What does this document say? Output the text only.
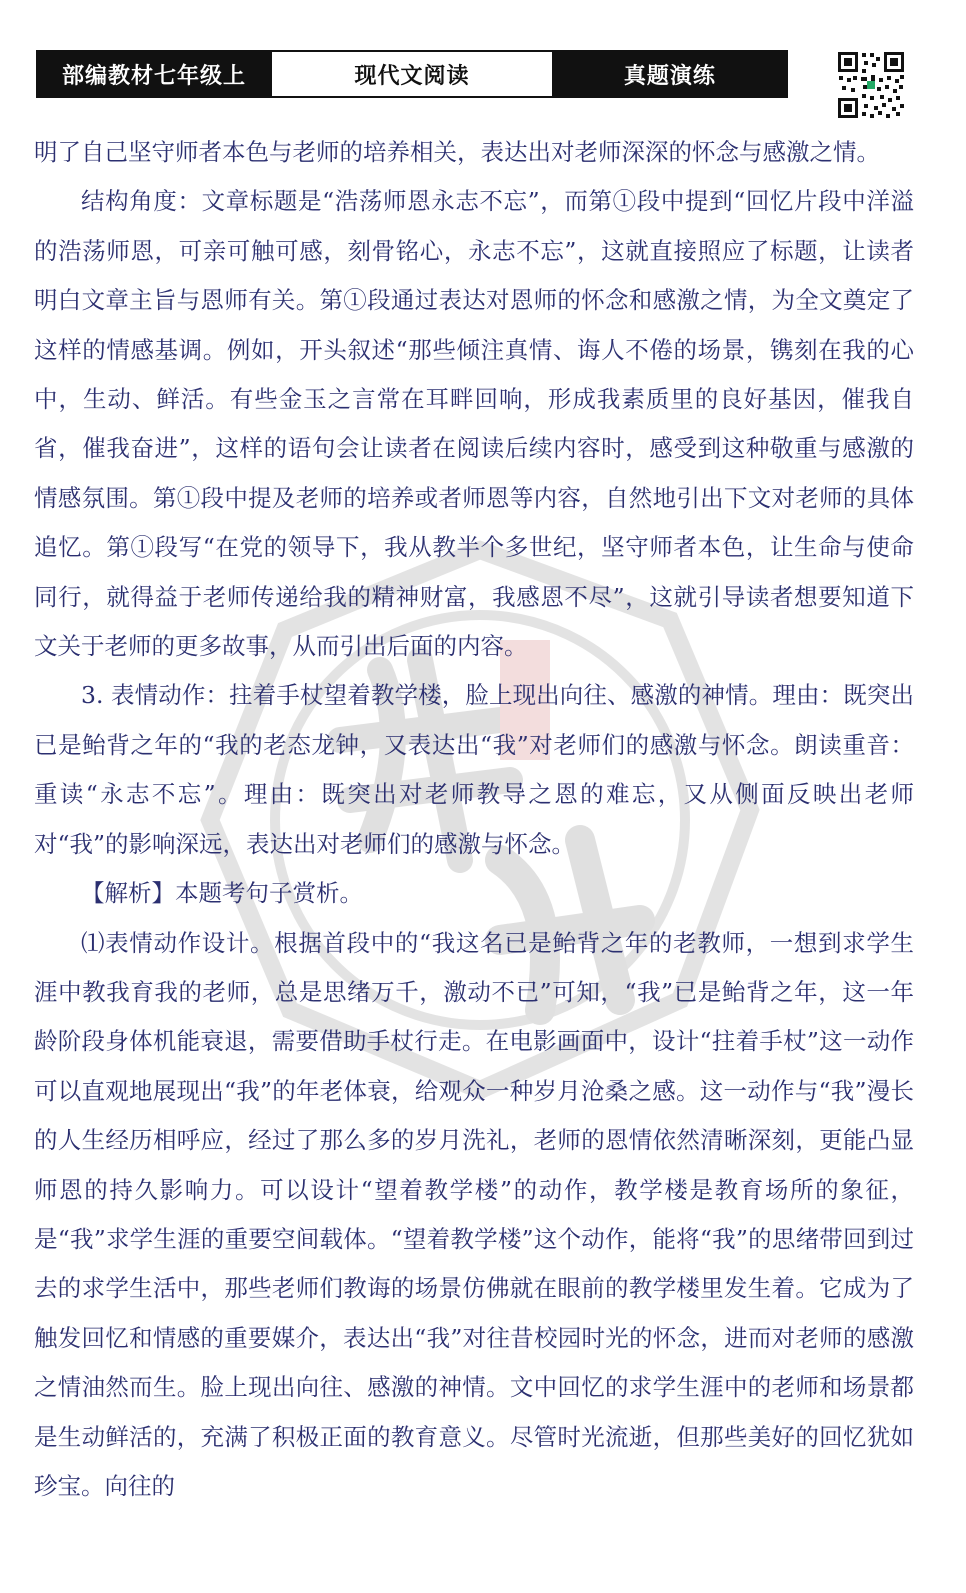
部编教材七年级上	现代文阅读	真题演练

明了自己坚守师者本色与老师的培养相关，表达出对老师深深的怀念与感激之情。

结构角度：文章标题是“浩荡师恩永志不忘”，而第①段中提到“回忆片段中洋溢的浩荡师恩，可亲可触可感，刻骨铭心，永志不忘”，这就直接照应了标题，让读者明白文章主旨与恩师有关。第①段通过表达对恩师的怀念和感激之情，为全文奠定了这样的情感基调。例如，开头叙述“那些倾注真情、诲人不倦的场景，镌刻在我的心中，生动、鲜活。有些金玉之言常在耳畔回响，形成我素质里的良好基因，催我自省，催我奋进”，这样的语句会让读者在阅读后续内容时，感受到这种敬重与感激的情感氛围。第①段中提及老师的培养或者师恩等内容，自然地引出下文对老师的具体追忆。第①段写“在党的领导下，我从教半个多世纪，坚守师者本色，让生命与使命同行，就得益于老师传递给我的精神财富，我感恩不尽”，这就引导读者想要知道下文关于老师的更多故事，从而引出后面的内容。

3. 表情动作：拄着手杖望着教学楼，脸上现出向往、感激的神情。理由：既突出已是鲐背之年的“我的老态龙钟，又表达出“我”对老师们的感激与怀念。朗读重音：重读“永志不忘”。理由：既突出对老师教导之恩的难忘，又从侧面反映出老师对“我”的影响深远，表达出对老师们的感激与怀念。

【解析】本题考句子赏析。

⑴表情动作设计。根据首段中的“我这名已是鲐背之年的老教师，一想到求学生涯中教我育我的老师，总是思绪万千，激动不已”可知，“我”已是鲐背之年，这一年龄阶段身体机能衰退，需要借助手杖行走。在电影画面中，设计“拄着手杖”这一动作可以直观地展现出“我”的年老体衰，给观众一种岁月沧桑之感。这一动作与“我”漫长的人生经历相呼应，经过了那么多的岁月洗礼，老师的恩情依然清晰深刻，更能凸显师恩的持久影响力。可以设计“望着教学楼”的动作，教学楼是教育场所的象征，是“我”求学生涯的重要空间载体。“望着教学楼”这个动作，能将“我”的思绪带回到过去的求学生活中，那些老师们教诲的场景仿佛就在眼前的教学楼里发生着。它成为了触发回忆和情感的重要媒介，表达出“我”对往昔校园时光的怀念，进而对老师的感激之情油然而生。脸上现出向往、感激的神情。文中回忆的求学生涯中的老师和场景都是生动鲜活的，充满了积极正面的教育意义。尽管时光流逝，但那些美好的回忆犹如珍宝。向往的
